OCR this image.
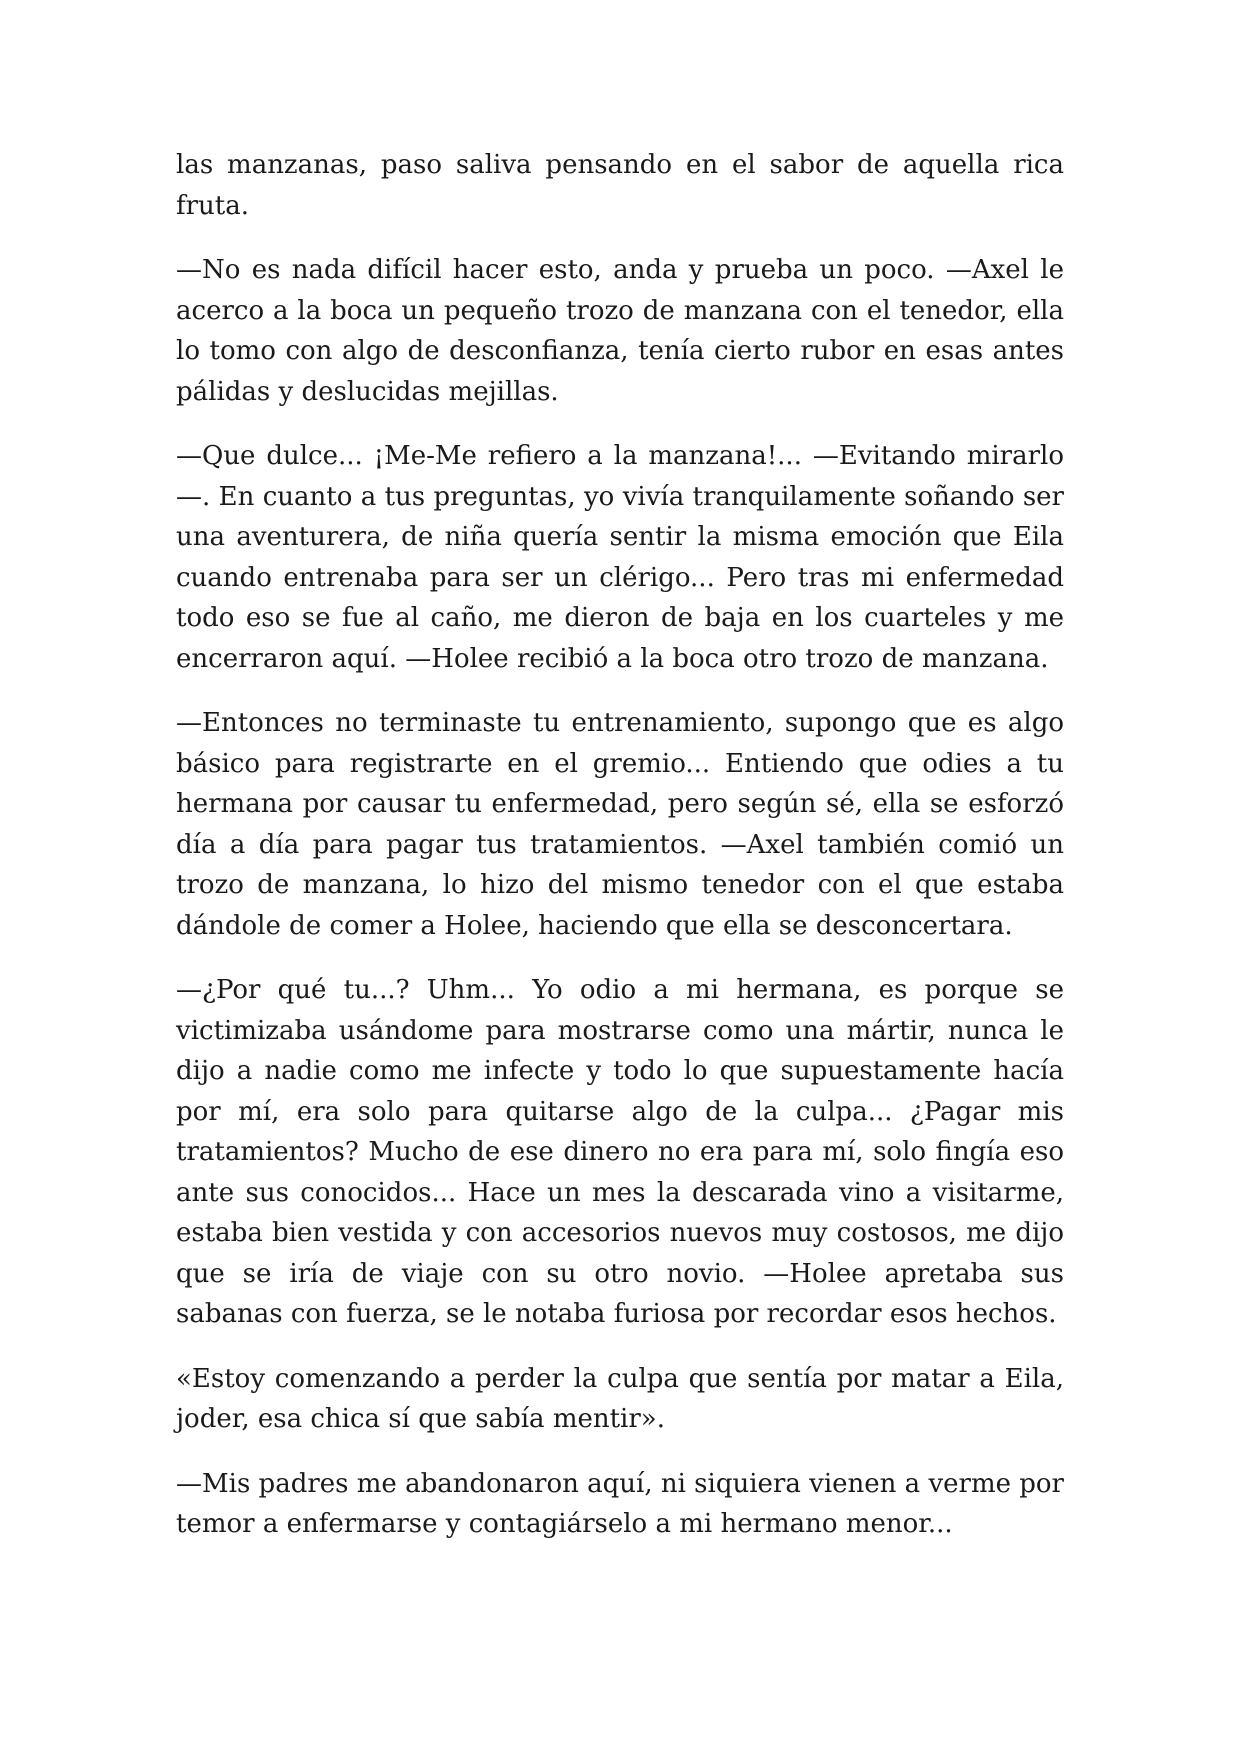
las manzanas, paso saliva pensando en el sabor de aquella rica fruta.

—No es nada difícil hacer esto, anda y prueba un poco. —Axel le acerco a la boca un pequeño trozo de manzana con el tenedor, ella lo tomo con algo de desconfianza, tenía cierto rubor en esas antes pálidas y deslucidas mejillas.

—Que dulce... ¡Me-Me refiero a la manzana!... —Evitando mirarlo—. En cuanto a tus preguntas, yo vivía tranquilamente soñando ser una aventurera, de niña quería sentir la misma emoción que Eila cuando entrenaba para ser un clérigo... Pero tras mi enfermedad todo eso se fue al caño, me dieron de baja en los cuarteles y me encerraron aquí. —Holee recibió a la boca otro trozo de manzana.

—Entonces no terminaste tu entrenamiento, supongo que es algo básico para registrarte en el gremio... Entiendo que odies a tu hermana por causar tu enfermedad, pero según sé, ella se esforzó día a día para pagar tus tratamientos. —Axel también comió un trozo de manzana, lo hizo del mismo tenedor con el que estaba dándole de comer a Holee, haciendo que ella se desconcertara.

—¿Por qué tu...? Uhm... Yo odio a mi hermana, es porque se victimizaba usándome para mostrarse como una mártir, nunca le dijo a nadie como me infecte y todo lo que supuestamente hacía por mí, era solo para quitarse algo de la culpa... ¿Pagar mis tratamientos? Mucho de ese dinero no era para mí, solo fingía eso ante sus conocidos... Hace un mes la descarada vino a visitarme, estaba bien vestida y con accesorios nuevos muy costosos, me dijo que se iría de viaje con su otro novio. —Holee apretaba sus sabanas con fuerza, se le notaba furiosa por recordar esos hechos.

«Estoy comenzando a perder la culpa que sentía por matar a Eila, joder, esa chica sí que sabía mentir».

—Mis padres me abandonaron aquí, ni siquiera vienen a verme por temor a enfermarse y contagiárselo a mi hermano menor...
